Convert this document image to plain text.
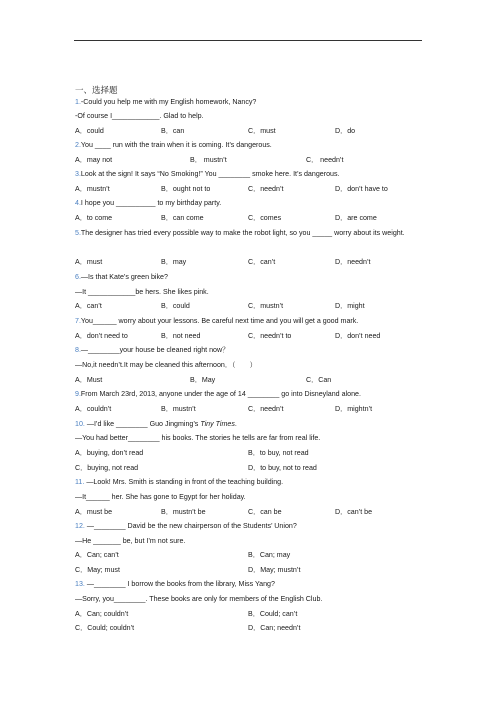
一、选择题
1.-Could you help me with my English homework, Nancy?
-Of course I____________. Glad to help.
A．could	B．can	C．must	D．do
2.You ____ run with the train when it is coming. It’s dangerous.
A．may not	B． mustn’t	C． needn’t
3.Look at the sign! It says “No Smoking!” You ________ smoke here. It’s dangerous.
A．mustn’t	B．ought not to	C．needn’t	D．don’t have to
4.I hope you __________ to my birthday party.
A．to come	B．can come	C．comes	D．are come
5.The designer has tried every possible way to make the robot light, so you _____ worry about its weight.
A．must	B．may	C．can’t	D．needn’t
6.—Is that Kate’s green bike?
—It ____________be hers. She likes pink.
A．can’t	B．could	C．mustn’t	D．might
7.You______ worry about your lessons. Be careful next time and you will get a good mark.
A．don’t need to	B．not need	C．needn’t to	D．don’t need
8.—________your house be cleaned right now？
—No,it needn’t.It may be cleaned this afternoon．（　　）
A．Must	B．May	C．Can
9.From March 23rd, 2013, anyone under the age of 14 ________ go into Disneyland alone.
A．couldn’t	B．mustn’t	C．needn’t	D．mightn’t
10. —I’d like ________ Guo Jingming’s Tiny Times.
—You had better________ his books. The stories he tells are far from real life.
A．buying, don’t read	B．to buy, not read
C．buying, not read	D．to buy, not to read
11. —Look! Mrs. Smith is standing in front of the teaching building.
—It______ her. She has gone to Egypt for her holiday.
A．must be	B．mustn’t be	C．can be	D．can’t be
12. —________ David be the new chairperson of the Students’ Union?
—He _______ be, but I’m not sure.
A．Can; can’t	B．Can; may
C．May; must	D．May; mustn’t
13. —________ I borrow the books from the library, Miss Yang?
—Sorry, you________. These books are only for members of the English Club.
A．Can; couldn’t	B．Could; can’t
C．Could; couldn’t	D．Can; needn’t
